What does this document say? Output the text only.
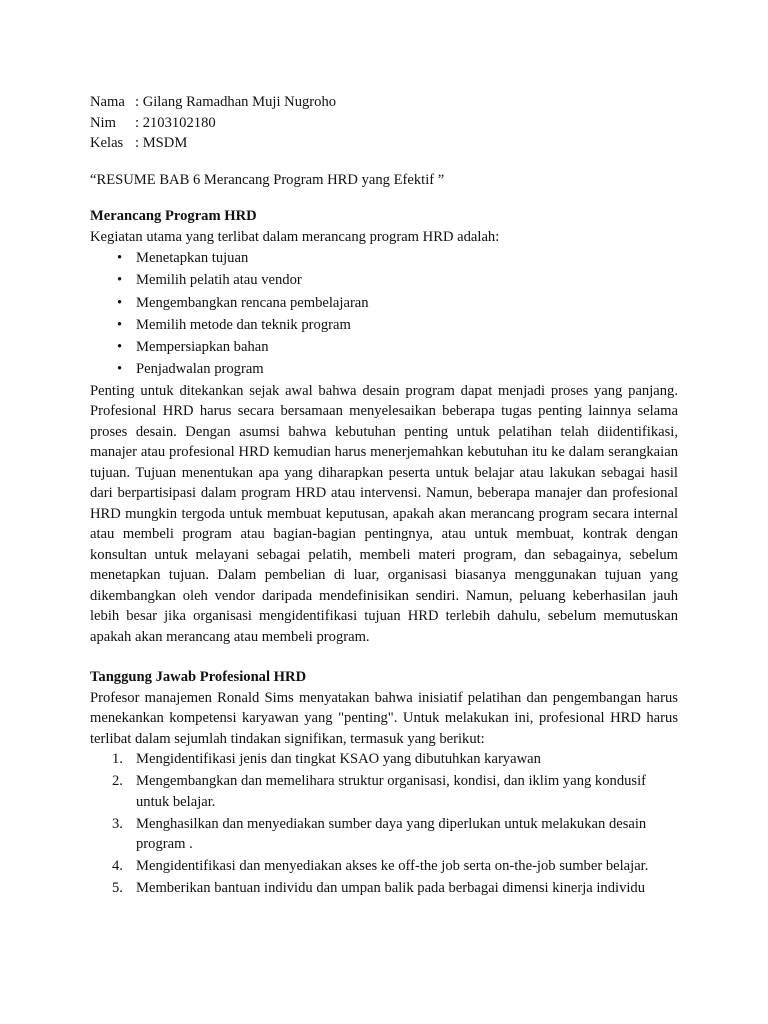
Nama : Gilang Ramadhan Muji Nugroho
Nim	: 2103102180
Kelas : MSDM
“RESUME BAB 6 Merancang Program HRD yang Efektif ”
Merancang Program HRD

Kegiatan utama yang terlibat dalam merancang program HRD adalah:

• Menetapkan tujuan
• Memilih pelatih atau vendor
• Mengembangkan rencana pembelajaran
• Memilih metode dan teknik program
• Mempersiapkan bahan
• Penjadwalan program

Penting untuk ditekankan sejak awal bahwa desain program dapat menjadi proses yang panjang. Profesional HRD harus secara bersamaan menyelesaikan beberapa tugas penting lainnya selama proses desain. Dengan asumsi bahwa kebutuhan penting untuk pelatihan telah diidentifikasi, manajer atau profesional HRD kemudian harus menerjemahkan kebutuhan itu ke dalam serangkaian tujuan. Tujuan menentukan apa yang diharapkan peserta untuk belajar atau lakukan sebagai hasil dari berpartisipasi dalam program HRD atau intervensi. Namun, beberapa manajer dan profesional HRD mungkin tergoda untuk membuat keputusan, apakah akan merancang program secara internal atau membeli program atau bagian-bagian pentingnya, atau untuk membuat, kontrak dengan konsultan untuk melayani sebagai pelatih, membeli materi program, dan sebagainya, sebelum menetapkan tujuan. Dalam pembelian di luar, organisasi biasanya menggunakan tujuan yang dikembangkan oleh vendor daripada mendefinisikan sendiri. Namun, peluang keberhasilan jauh lebih besar jika organisasi mengidentifikasi tujuan HRD terlebih dahulu, sebelum memutuskan apakah akan merancang atau membeli program.

Tanggung Jawab Profesional HRD

Profesor manajemen Ronald Sims menyatakan bahwa inisiatif pelatihan dan pengembangan harus menekankan kompetensi karyawan yang "penting". Untuk melakukan ini, profesional HRD harus terlibat dalam sejumlah tindakan signifikan, termasuk yang berikut:

1. Mengidentifikasi jenis dan tingkat KSAO yang dibutuhkan karyawan
2. Mengembangkan dan memelihara struktur organisasi, kondisi, dan iklim yang kondusif untuk belajar.
3. Menghasilkan dan menyediakan sumber daya yang diperlukan untuk melakukan desain program .
4. Mengidentifikasi dan menyediakan akses ke off-the job serta on-the-job sumber belajar.
5. Memberikan bantuan individu dan umpan balik pada berbagai dimensi kinerja individu
